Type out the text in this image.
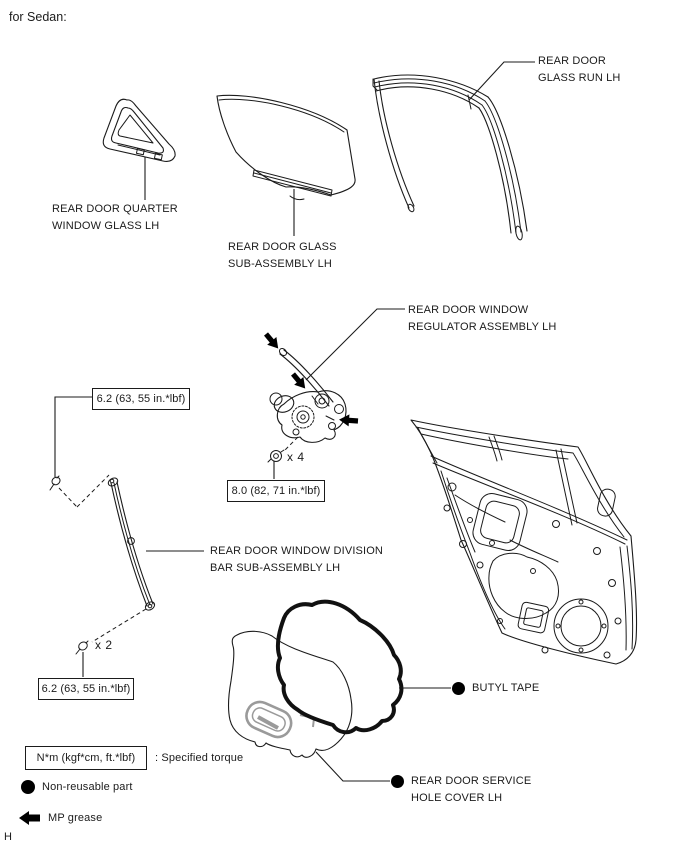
for Sedan:
REAR DOOR QUARTER
WINDOW GLASS LH
REAR DOOR GLASS
SUB-ASSEMBLY LH
REAR DOOR
GLASS RUN LH
REAR DOOR WINDOW
REGULATOR ASSEMBLY LH
REAR DOOR WINDOW DIVISION
BAR SUB-ASSEMBLY LH
BUTYL TAPE
REAR DOOR SERVICE
HOLE COVER LH
6.2 (63, 55 in.*lbf)
8.0 (82, 71 in.*lbf)
6.2 (63, 55 in.*lbf)
x 4
x 2
N*m (kgf*cm, ft.*lbf) : Specified torque
Non-reusable part
MP grease
H
